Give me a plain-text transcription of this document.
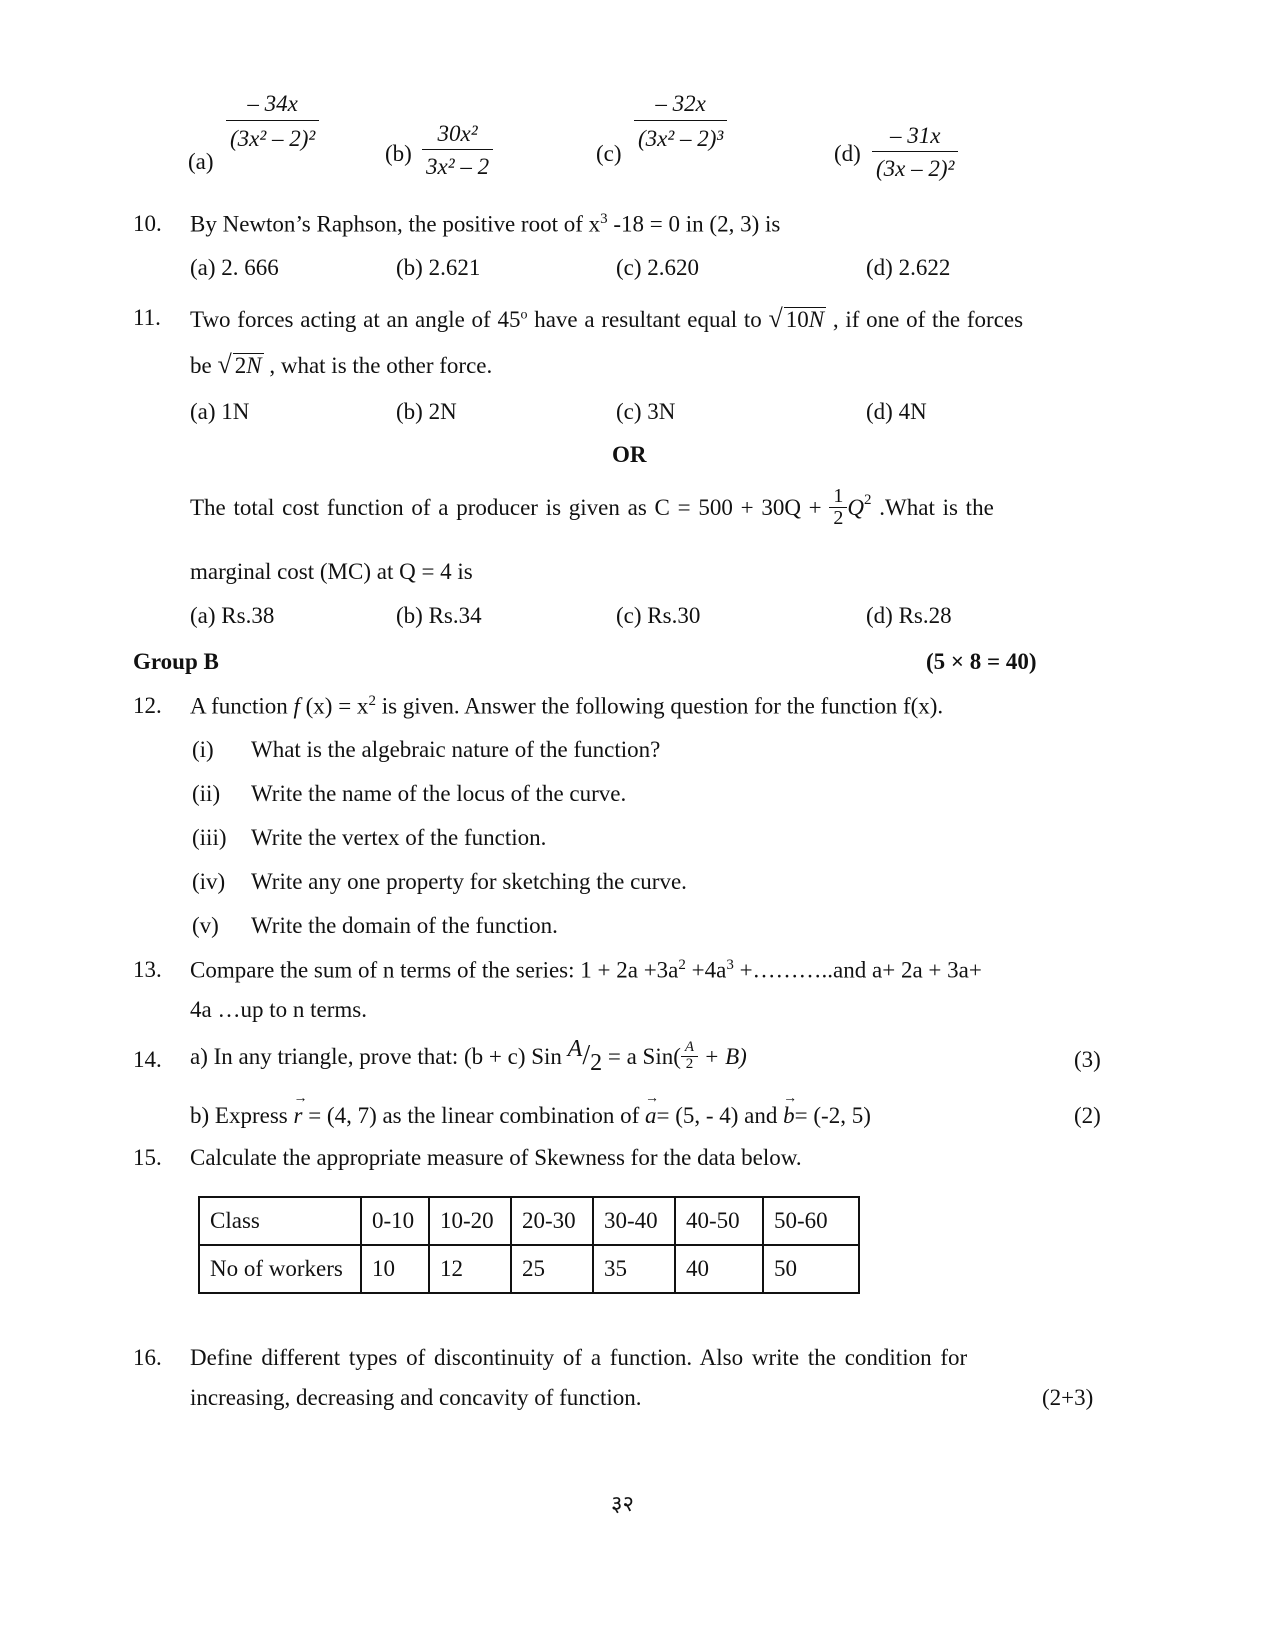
(a)
$\frac{- 34x}{\text{(3x² – 2)²}}$
$(b) \frac{\text{30x²}}{\text{3x² – 2}}$	(c)
$\frac{- 32x}{\text{(3x² – 2)³}}$
$(d) \frac{- 31x}{\text{(3x – 2)²}}$
10. By Newton’s Raphson, the positive root of $x^3$ -18 = 0 in (2, 3) is
(a) 2. 666	(b) 2.621	(c) 2.620	(d) 2.622
11. Two forces acting at an angle of 45$^o$ have a resultant equal to √ 10N , if one of the forces
be √ 2N , what is the other force.
(a) 1N	(b) 2N	(c) 3N	(d) 4N
OR
The total cost function of a producer is given as $C = 500 + 30Q + \frac{1}{2} Q^2$ .What is the
marginal cost (MC) at Q = 4 is
(a) Rs.38	(b) Rs.34	(c) Rs.30	(d) Rs.28
Group B	(5 × 8 = 40)
12. A function f $(x) = x^2$ is given. Answer the following question for the function f(x).
(i) What is the algebraic nature of the function?
(ii) Write the name of the locus of the curve.
(iii) Write the vertex of the function.
(iv) Write any one property for sketching the curve.
(v) Write the domain of the function.
13. Compare the sum of n terms of the series: $1 + 2a +3a^2 +4a^3$ +………..and a+ 2a + 3a+
4a …up to n terms.
14. a) In any triangle, prove that: (b + c) Sin A/2 = a $Sin( \frac{A}{2} + B)$	(3)
b) Express r → = (4, 7) as the linear combination of a →= (5, - 4) and b →= (-2, 5)	(2)
15. Calculate the appropriate measure of Skewness for the data below.
Class	0-10	10-20	20-30	30-40	40-50	50-60
No of workers	10	12	25	35	40	50
16. Define different types of discontinuity of a function. Also write the condition for
increasing, decreasing and concavity of function.	(2+3)
३२
